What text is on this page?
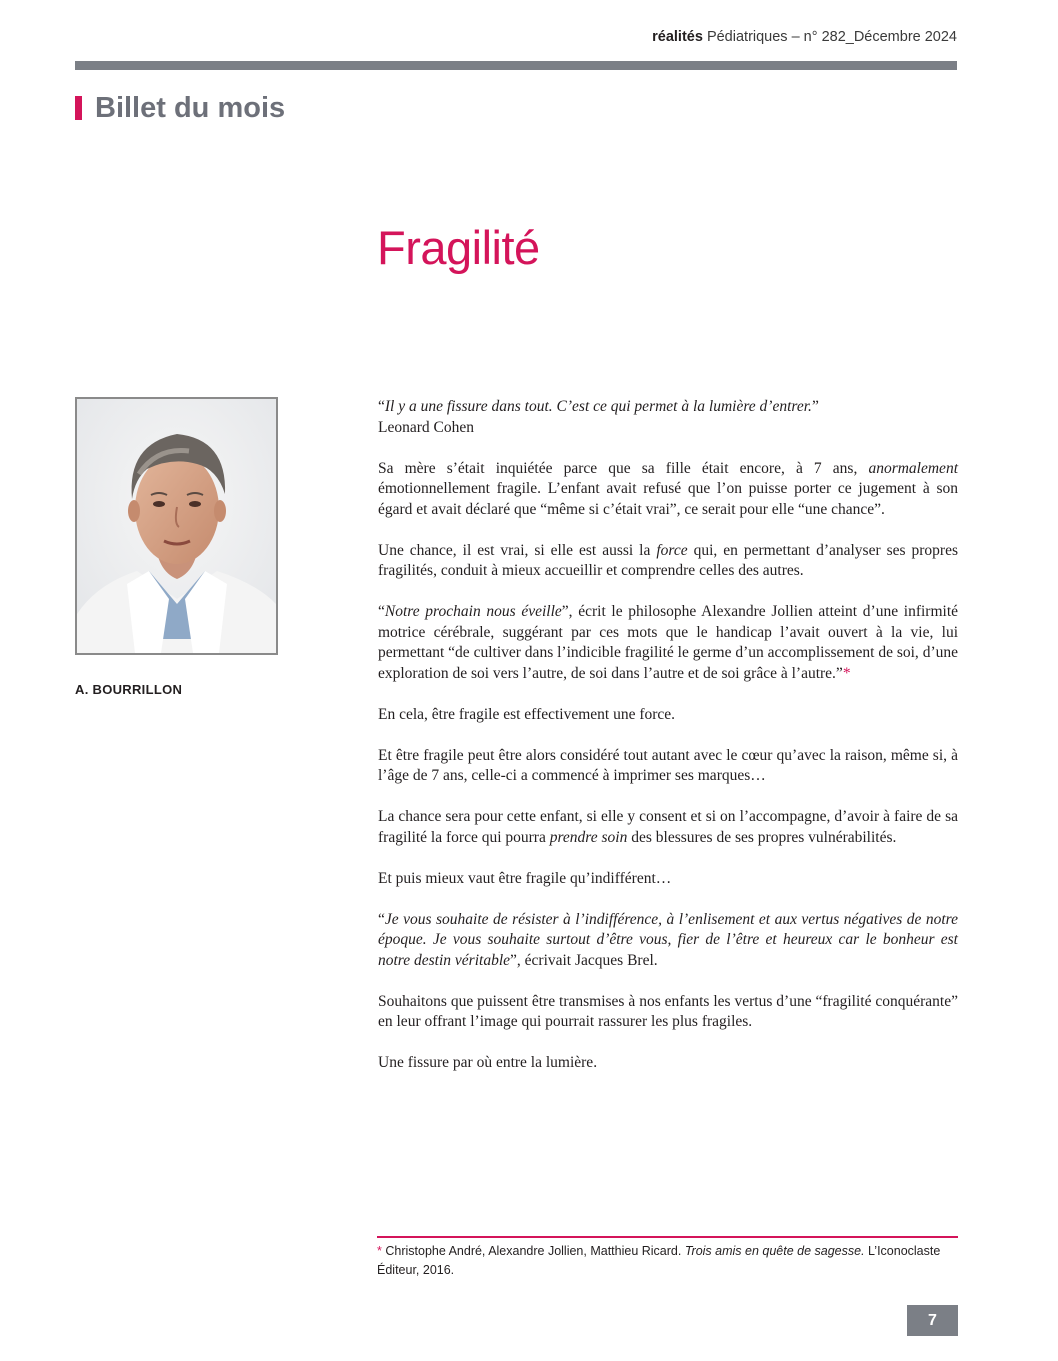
réalités Pédiatriques – n° 282_Décembre 2024
Billet du mois
Fragilité
A. BOURRILLON

“Il y a une fissure dans tout. C’est ce qui permet à la lumière d’entrer.”
Leonard Cohen

Sa mère s’était inquiétée parce que sa fille était encore, à 7 ans, anormalement émotionnellement fragile. L’enfant avait refusé que l’on puisse porter ce jugement à son égard et avait déclaré que “même si c’était vrai”, ce serait pour elle “une chance”.

Une chance, il est vrai, si elle est aussi la force qui, en permettant d’analyser ses propres fragilités, conduit à mieux accueillir et comprendre celles des autres.

“Notre prochain nous éveille”, écrit le philosophe Alexandre Jollien atteint d’une infirmité motrice cérébrale, suggérant par ces mots que le handicap l’avait ouvert à la vie, lui permettant “de cultiver dans l’indicible fragilité le germe d’un accomplissement de soi, d’une exploration de soi vers l’autre, de soi dans l’autre et de soi grâce à l’autre.”*

En cela, être fragile est effectivement une force.

Et être fragile peut être alors considéré tout autant avec le cœur qu’avec la raison, même si, à l’âge de 7 ans, celle-ci a commencé à imprimer ses marques…

La chance sera pour cette enfant, si elle y consent et si on l’accompagne, d’avoir à faire de sa fragilité la force qui pourra prendre soin des blessures de ses propres vulnérabilités.

Et puis mieux vaut être fragile qu’indifférent…

“Je vous souhaite de résister à l’indifférence, à l’enlisement et aux vertus négatives de notre époque. Je vous souhaite surtout d’être vous, fier de l’être et heureux car le bonheur est notre destin véritable”, écrivait Jacques Brel.

Souhaitons que puissent être transmises à nos enfants les vertus d’une “fragilité conquérante” en leur offrant l’image qui pourrait rassurer les plus fragiles.

Une fissure par où entre la lumière.

* Christophe André, Alexandre Jollien, Matthieu Ricard. Trois amis en quête de sagesse. L’Iconoclaste Éditeur, 2016.
7
